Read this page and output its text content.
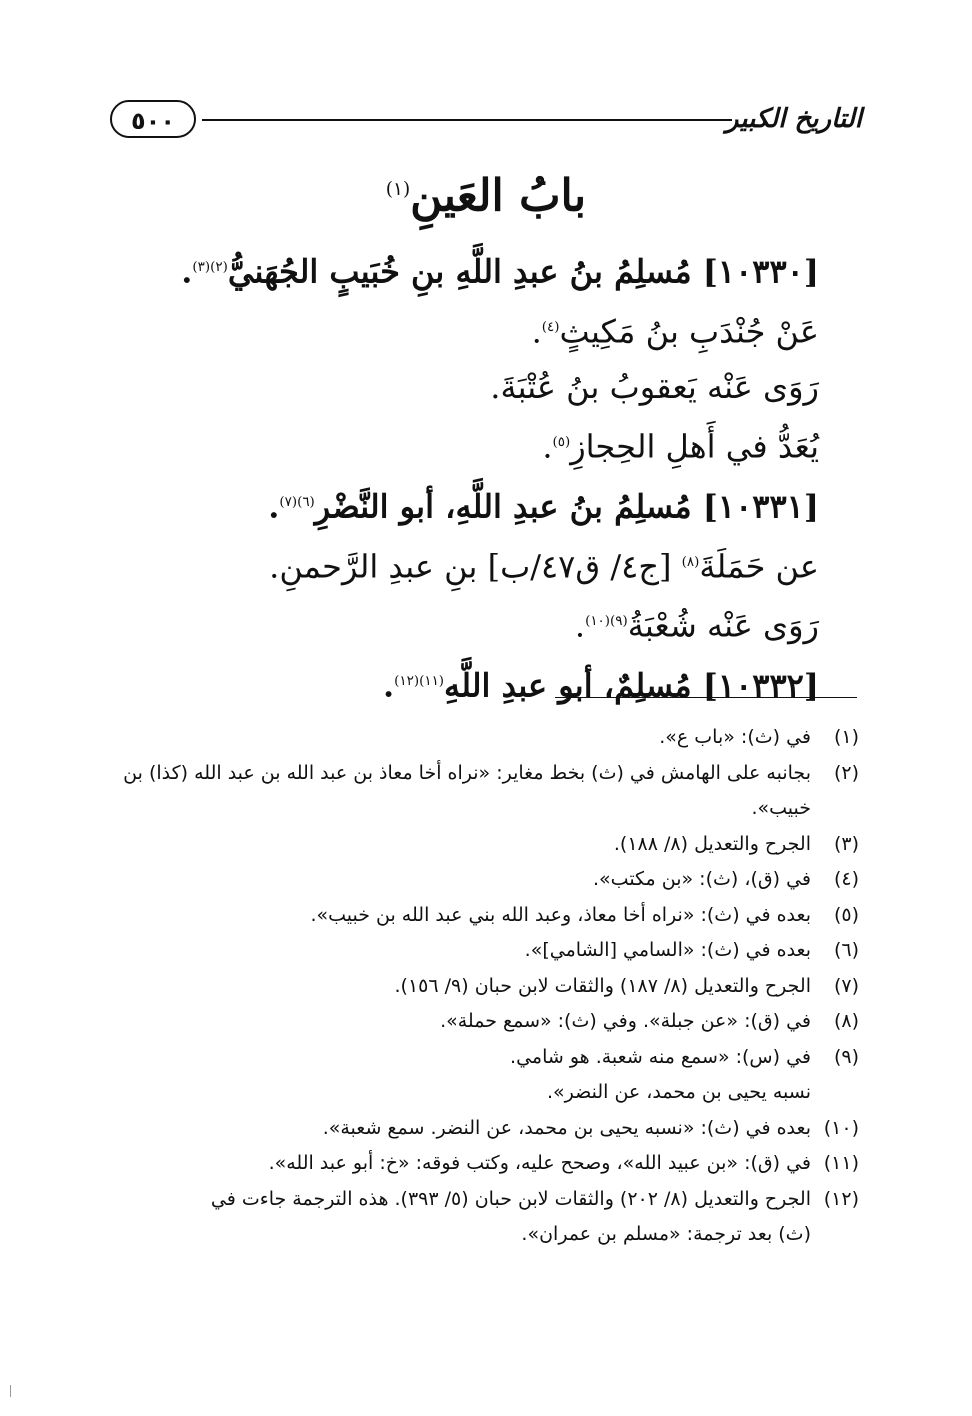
٥٠٠	التاريخ الكبير
بابُ العَينِ$^{(١)}$
[١٠٣٣٠] مُسلِمُ بنُ عبدِ اللَّهِ بنِ خُبَيبٍ الجُهَنيُّ$^{(٢)(٣)}$.
عَنْ جُنْدَبِ بنُ مَكِيثٍ$^{(٤)}$.
رَوَى عَنْه يَعقوبُ بنُ عُتْبَةَ.
يُعَدُّ في أَهلِ الحِجازِ$^{(٥)}$.
[١٠٣٣١] مُسلِمُ بنُ عبدِ اللَّهِ، أبو النَّضْرِ$^{(٦)(٧)}$.
عن حَمَلَةَ$^{(٨)}$ [ج٤/ ق٤٧/ب] بنِ عبدِ الرَّحمنِ.
رَوَى عَنْه شُعْبَةُ$^{(٩)(١٠)}$.
[١٠٣٣٢] مُسلِمٌ، أبو عبدِ اللَّهِ$^{(١١)(١٢)}$.
(١)في (ث): «باب ع».
(٢)بجانبه على الهامش في (ث) بخط مغاير: «نراه أخا معاذ بن عبد الله بن عبد الله (كذا) بن
خبيب».
(٣)الجرح والتعديل (٨/ ١٨٨).
(٤)في (ق)، (ث): «بن مكتب».
(٥)بعده في (ث): «نراه أخا معاذ، وعبد الله بني عبد الله بن خبيب».
(٦)بعده في (ث): «السامي [الشامي]».
(٧)الجرح والتعديل (٨/ ١٨٧) والثقات لابن حبان (٩/ ١٥٦).
(٨)في (ق): «عن جبلة». وفي (ث): «سمع حملة».
(٩)في (س): «سمع منه شعبة. هو شامي.
نسبه يحيى بن محمد، عن النضر».
(١٠)بعده في (ث): «نسبه يحيى بن محمد، عن النضر. سمع شعبة».
(١١)في (ق): «بن عبيد الله»، وصحح عليه، وكتب فوقه: «خ: أبو عبد الله».
(١٢)الجرح والتعديل (٨/ ٢٠٢) والثقات لابن حبان (٥/ ٣٩٣). هذه الترجمة جاءت في
(ث) بعد ترجمة: «مسلم بن عمران».
